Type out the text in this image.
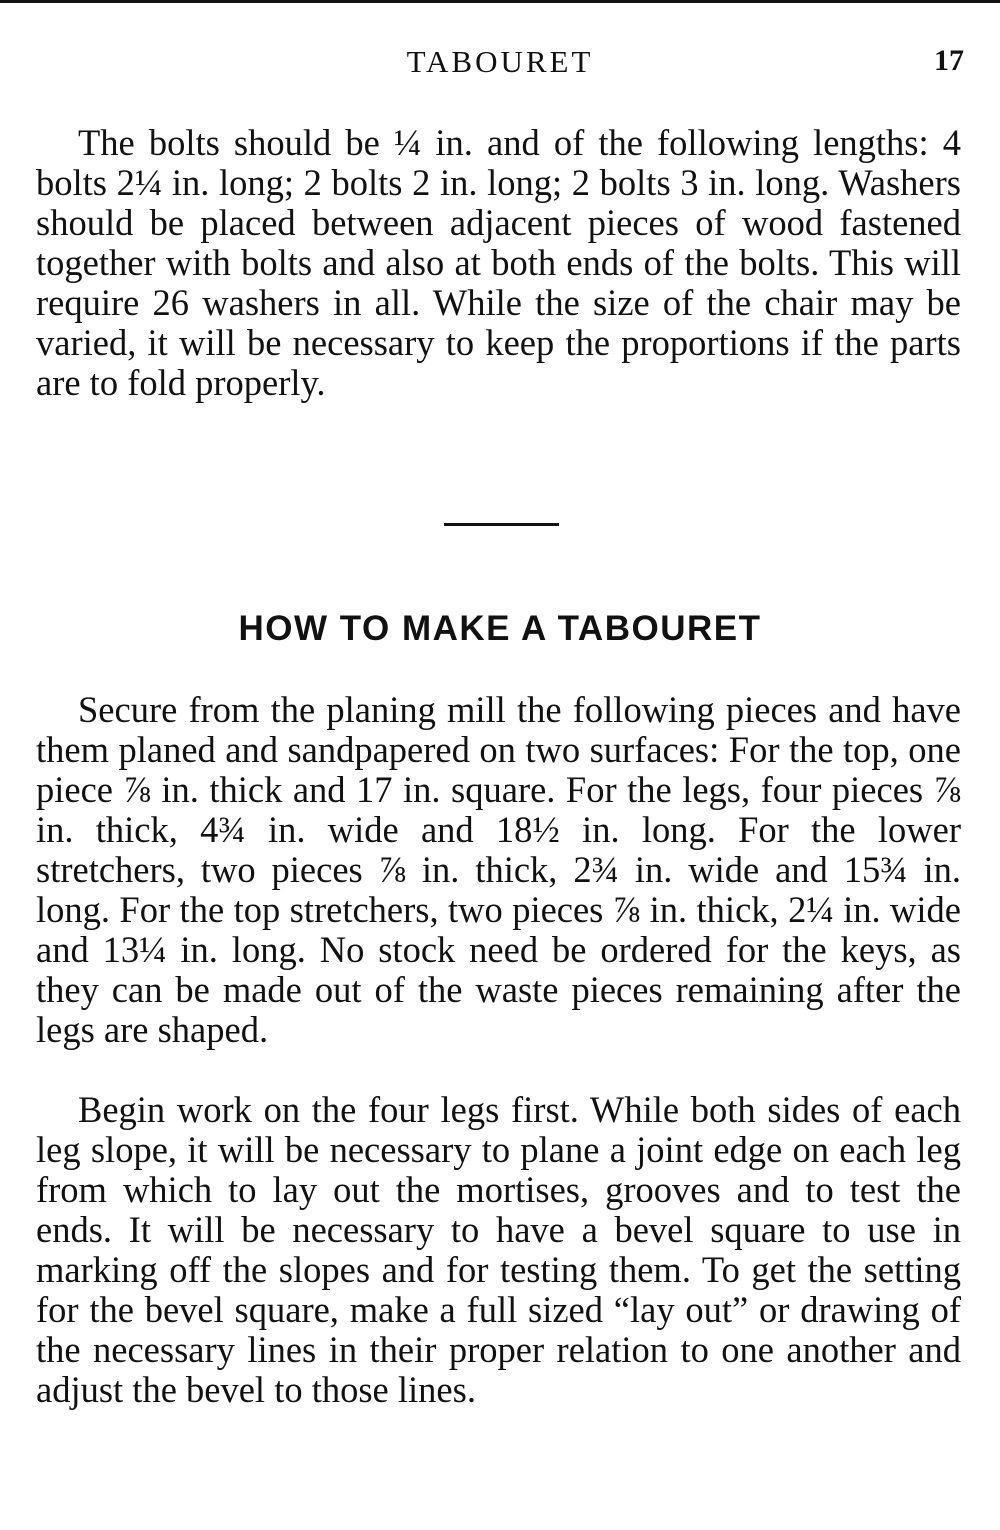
TABOURET	17

The bolts should be ¼ in. and of the following lengths: 4 bolts 2¼ in. long; 2 bolts 2 in. long; 2 bolts 3 in. long. Washers should be placed between adjacent pieces of wood fastened together with bolts and also at both ends of the bolts. This will require 26 washers in all. While the size of the chair may be varied, it will be necessary to keep the proportions if the parts are to fold properly.

HOW TO MAKE A TABOURET

Secure from the planing mill the following pieces and have them planed and sandpapered on two surfaces: For the top, one piece ⅞ in. thick and 17 in. square. For the legs, four pieces ⅞ in. thick, 4¾ in. wide and 18½ in. long. For the lower stretchers, two pieces ⅞ in. thick, 2¾ in. wide and 15¾ in. long. For the top stretchers, two pieces ⅞ in. thick, 2¼ in. wide and 13¼ in. long. No stock need be ordered for the keys, as they can be made out of the waste pieces remaining after the legs are shaped.

Begin work on the four legs first. While both sides of each leg slope, it will be necessary to plane a joint edge on each leg from which to lay out the mortises, grooves and to test the ends. It will be necessary to have a bevel square to use in marking off the slopes and for testing them. To get the setting for the bevel square, make a full sized “lay out” or drawing of the necessary lines in their proper relation to one another and adjust the bevel to those lines.
